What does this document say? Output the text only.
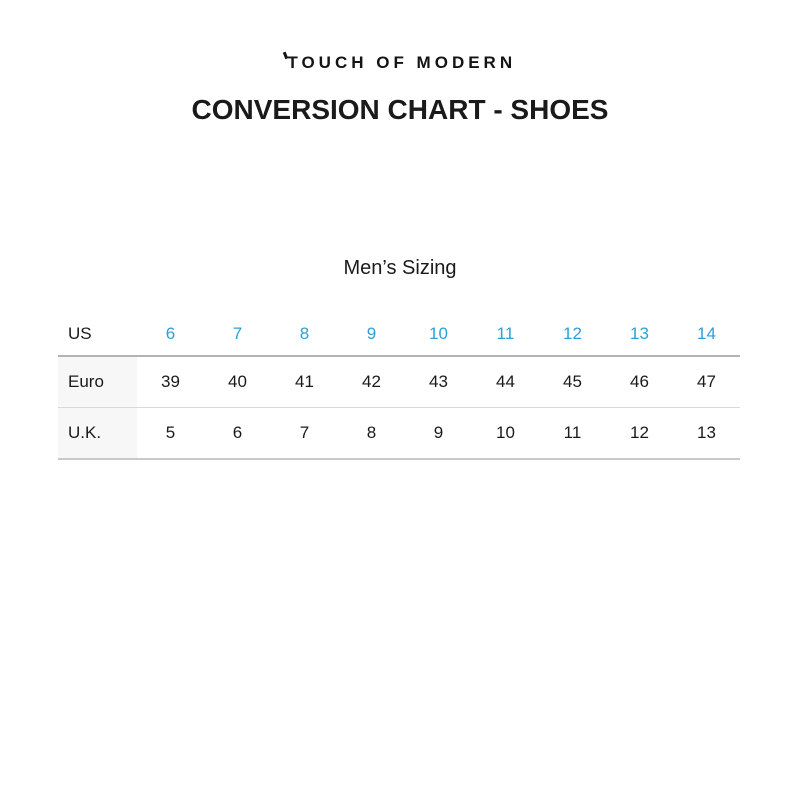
TOUCH OF MODERN
CONVERSION CHART - SHOES
Men’s Sizing
US	6	7	8	9	10	11	12	13	14
Euro	39	40	41	42	43	44	45	46	47
U.K.	5	6	7	8	9	10	11	12	13
